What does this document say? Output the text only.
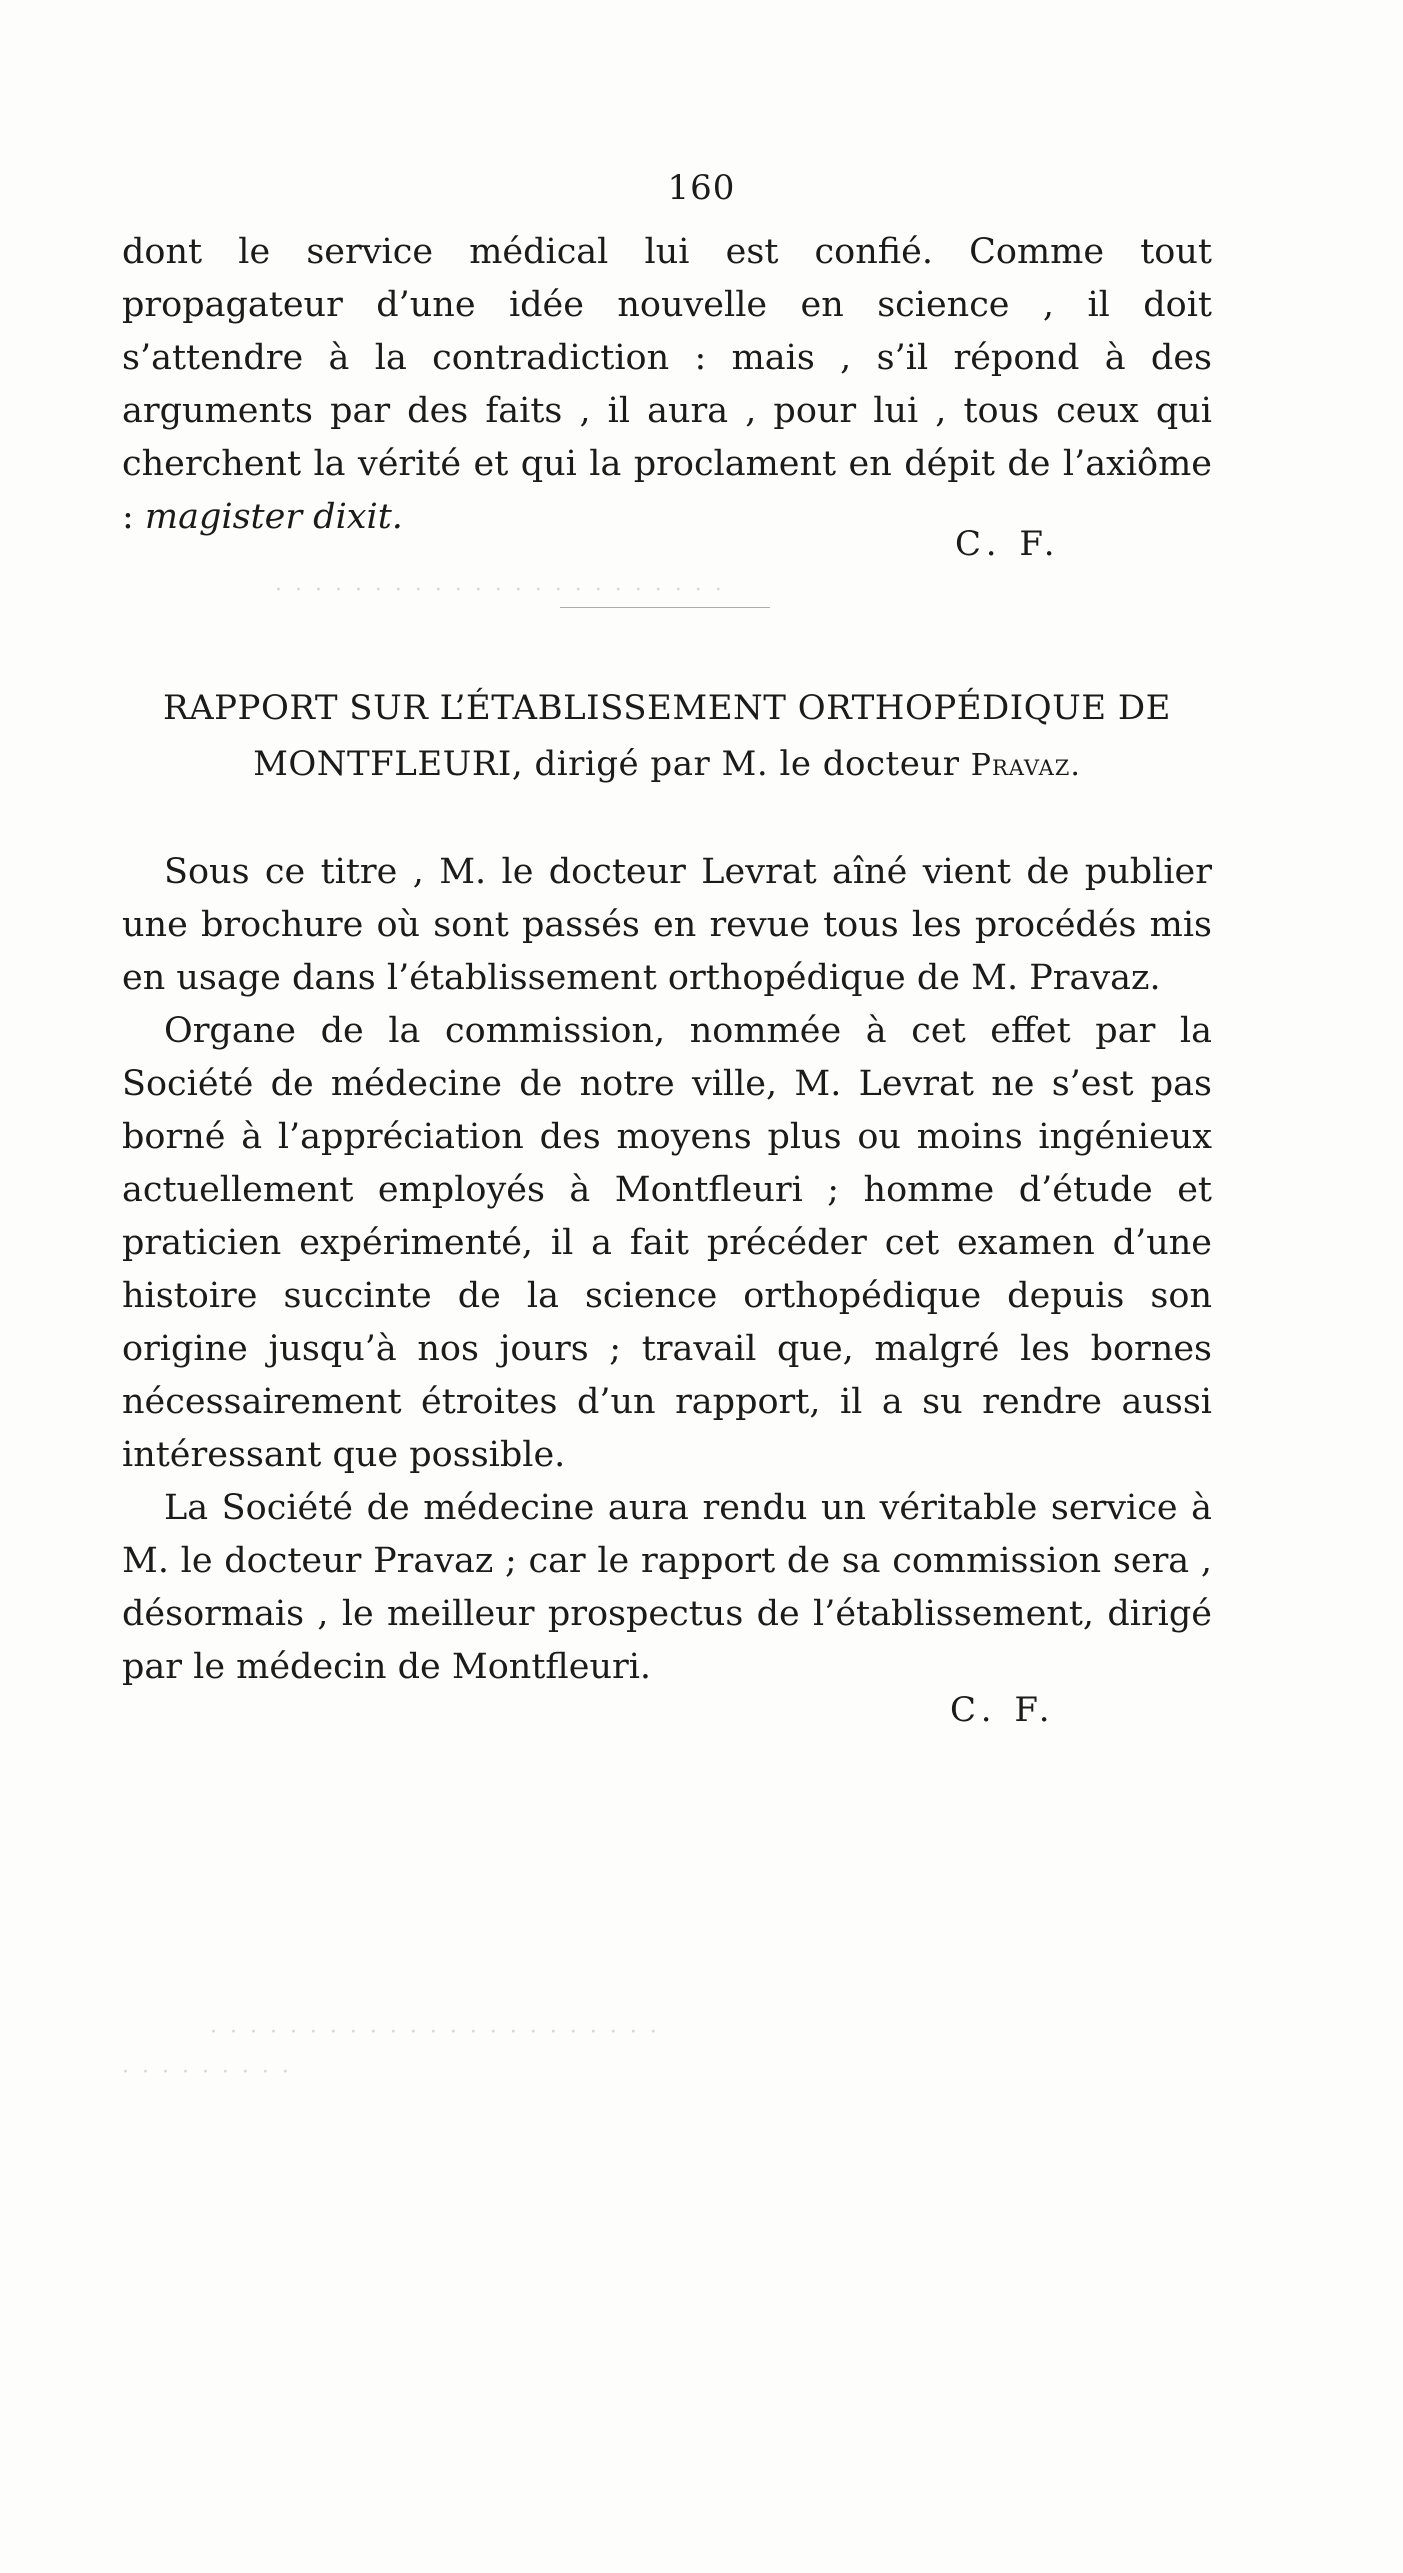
160

dont le service médical lui est confié. Comme tout propagateur d’une idée nouvelle en science , il doit s’attendre à la contradiction : mais , s’il répond à des arguments par des faits , il aura , pour lui , tous ceux qui cherchent la vérité et qui la proclament en dépit de l’axiôme : magister dixit.

C. F.
· · · · · · · · · · · · · · · · · · · · · · ·
RAPPORT SUR L’ÉTABLISSEMENT ORTHOPÉDIQUE DE
MONTFLEURI, dirigé par M. le docteur Pravaz.

Sous ce titre , M. le docteur Levrat aîné vient de publier une brochure où sont passés en revue tous les procédés mis en usage dans l’établissement orthopédique de M. Pravaz.

Organe de la commission, nommée à cet effet par la Société de médecine de notre ville, M. Levrat ne s’est pas borné à l’appréciation des moyens plus ou moins ingénieux actuellement employés à Montfleuri ; homme d’étude et praticien expérimenté, il a fait précéder cet examen d’une histoire succinte de la science orthopédique depuis son origine jusqu’à nos jours ; travail que, malgré les bornes nécessairement étroites d’un rapport, il a su rendre aussi intéressant que possible.

La Société de médecine aura rendu un véritable service à M. le docteur Pravaz ; car le rapport de sa commission sera , désormais , le meilleur prospectus de l’établissement, dirigé par le médecin de Montfleuri.

C. F.
· · · · · · · · · · · · · · · · · · · · · · ·
· · · · · · · · ·
